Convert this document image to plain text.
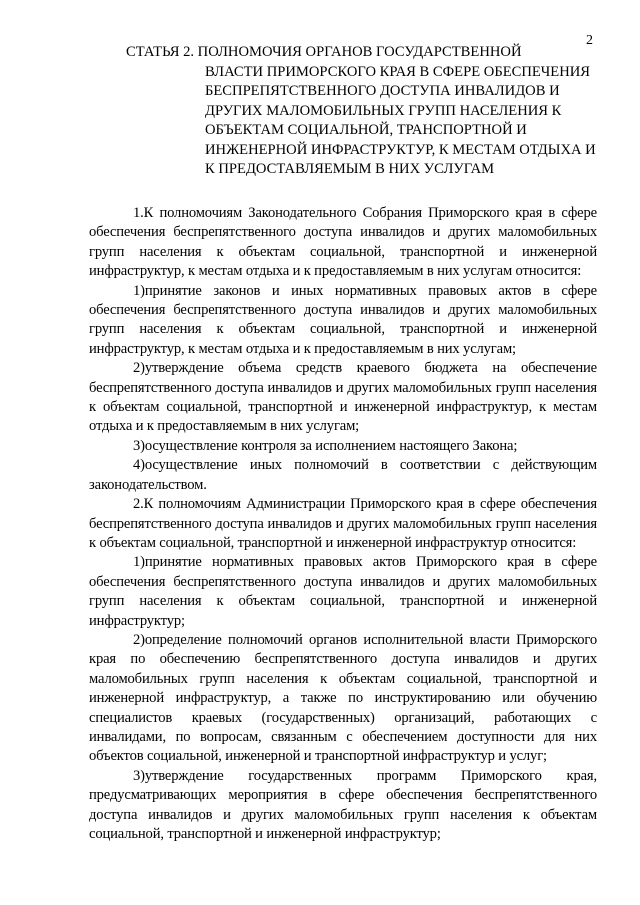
2
СТАТЬЯ 2. ПОЛНОМОЧИЯ ОРГАНОВ ГОСУДАРСТВЕННОЙ
ВЛАСТИ ПРИМОРСКОГО КРАЯ В СФЕРЕ ОБЕСПЕЧЕНИЯ БЕСПРЕПЯТСТВЕННОГО ДОСТУПА ИНВАЛИДОВ И ДРУГИХ МАЛОМОБИЛЬНЫХ ГРУПП НАСЕЛЕНИЯ К ОБЪЕКТАМ СОЦИАЛЬНОЙ, ТРАНСПОРТНОЙ И ИНЖЕНЕРНОЙ ИНФРАСТРУКТУР, К МЕСТАМ ОТДЫХА И К ПРЕДОСТАВЛЯЕМЫМ В НИХ УСЛУГАМ

1.К полномочиям Законодательного Собрания Приморского края в сфере обеспечения беспрепятственного доступа инвалидов и других маломобильных групп населения к объектам социальной, транспортной и инженерной инфраструктур, к местам отдыха и к предоставляемым в них услугам относится:

1)принятие законов и иных нормативных правовых актов в сфере обеспечения беспрепятственного доступа инвалидов и других маломобильных групп населения к объектам социальной, транспортной и инженерной инфраструктур, к местам отдыха и к предоставляемым в них услугам;

2)утверждение объема средств краевого бюджета на обеспечение беспрепятственного доступа инвалидов и других маломобильных групп населения к объектам социальной, транспортной и инженерной инфраструктур, к местам отдыха и к предоставляемым в них услугам;

3)осуществление контроля за исполнением настоящего Закона;

4)осуществление иных полномочий в соответствии с действующим законодательством.

2.К полномочиям Администрации Приморского края в сфере обеспечения беспрепятственного доступа инвалидов и других маломобильных групп населения к объектам социальной, транспортной и инженерной инфраструктур относится:

1)принятие нормативных правовых актов Приморского края в сфере обеспечения беспрепятственного доступа инвалидов и других маломобильных групп населения к объектам социальной, транспортной и инженерной инфраструктур;

2)определение полномочий органов исполнительной власти Приморского края по обеспечению беспрепятственного доступа инвалидов и других маломобильных групп населения к объектам социальной, транспортной и инженерной инфраструктур, а также по инструктированию или обучению специалистов краевых (государственных) организаций, работающих с инвалидами, по вопросам, связанным с обеспечением доступности для них объектов социальной, инженерной и транспортной инфраструктур и услуг;

3)утверждение государственных программ Приморского края, предусматривающих мероприятия в сфере обеспечения беспрепятственного доступа инвалидов и других маломобильных групп населения к объектам социальной, транспортной и инженерной инфраструктур;
